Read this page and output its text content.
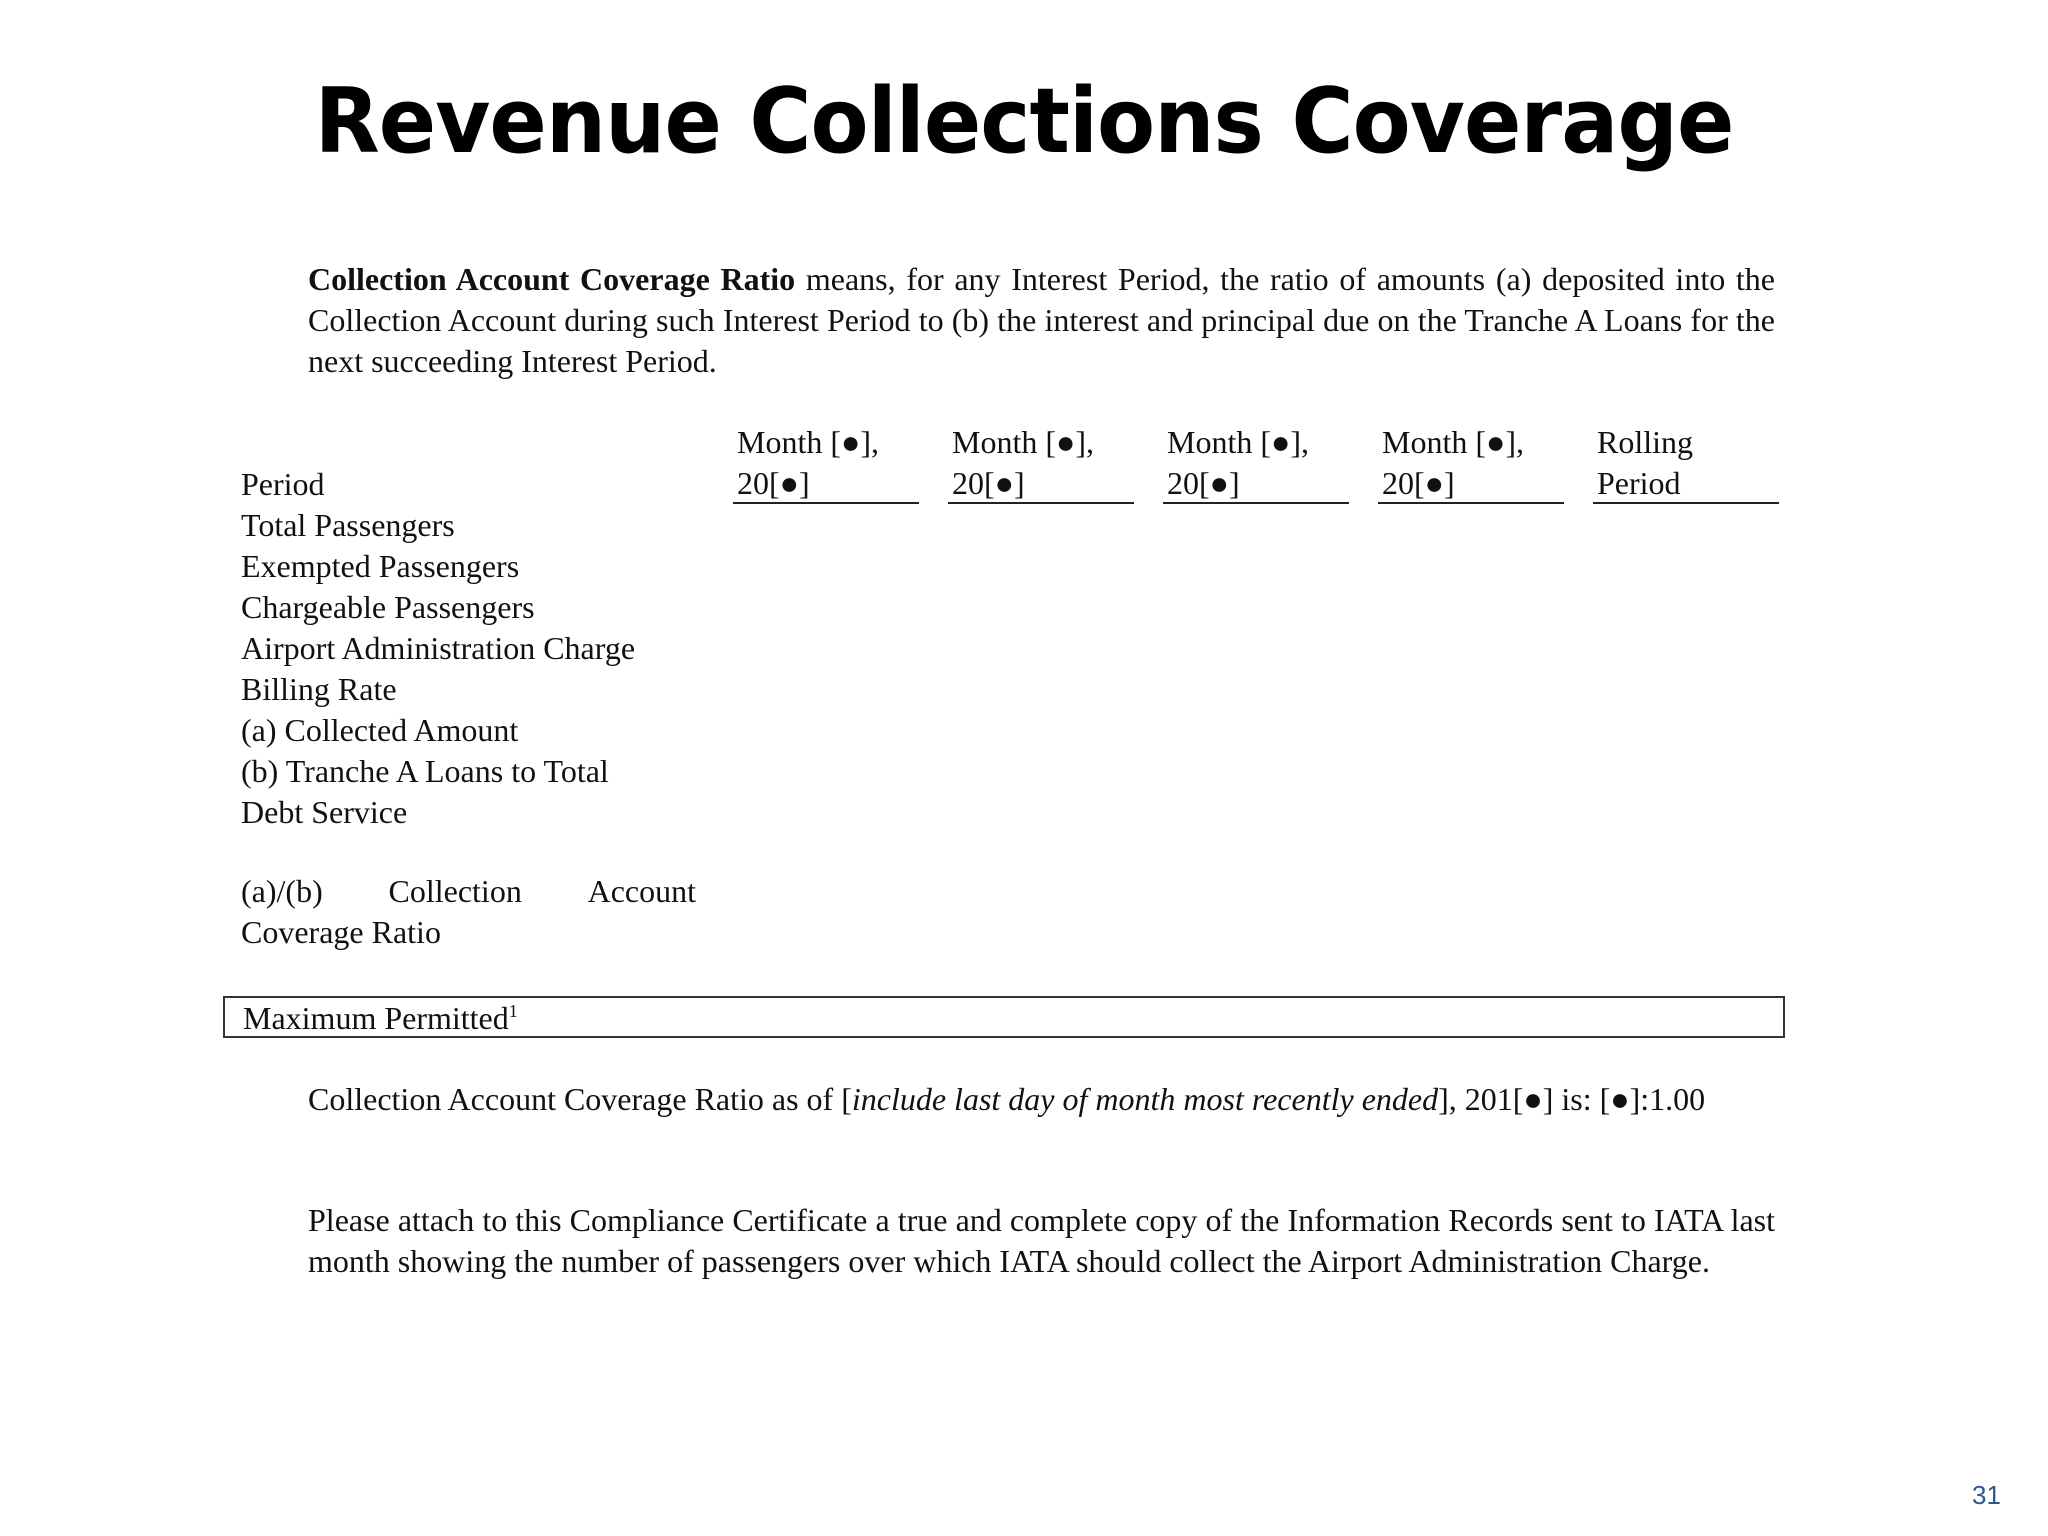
Revenue Collections Coverage

Collection Account Coverage Ratio means, for any Interest Period, the ratio of amounts (a) deposited into the Collection Account during such Interest Period to (b) the interest and principal due on the Tranche A Loans for the next succeeding Interest Period.

Month [●],
20[●]
Month [●],
20[●]
Month [●],
20[●]
Month [●],
20[●]
Rolling
Period
Period
Total Passengers
Exempted Passengers
Chargeable Passengers
Airport Administration Charge
Billing Rate
(a) Collected Amount
(b) Tranche A Loans to Total
Debt Service
(a)/(b) Collection Account
Coverage Ratio
Maximum Permitted$^1$

Collection Account Coverage Ratio as of [include last day of month most recently ended], 201[●] is: [●]:1.00

Please attach to this Compliance Certificate a true and complete copy of the Information Records sent to IATA last month showing the number of passengers over which IATA should collect the Airport Administration Charge.

31
